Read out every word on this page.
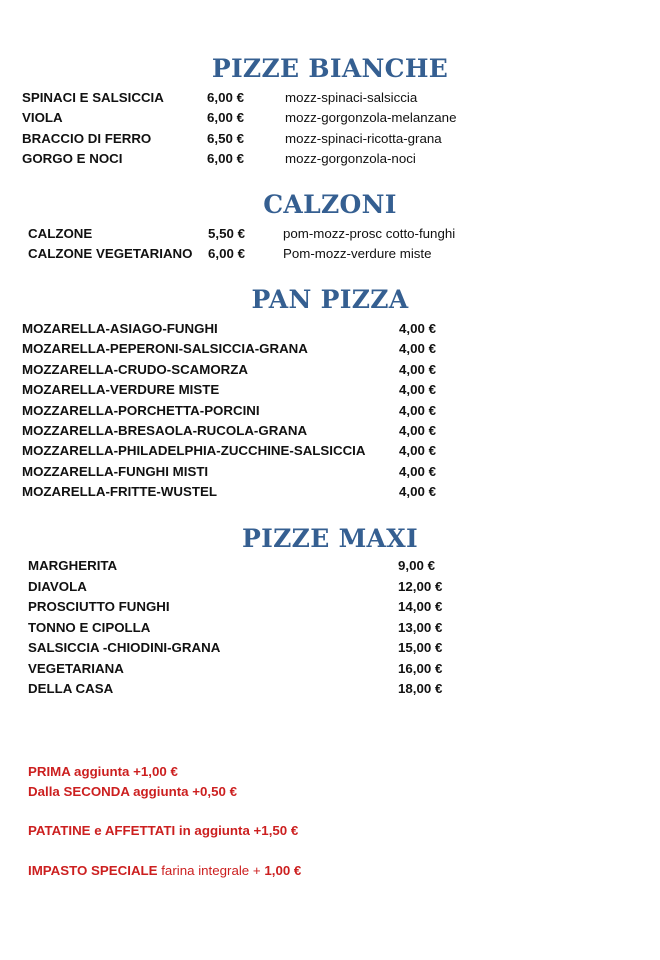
PIZZE BIANCHE
CALZONI
PAN PIZZA
PIZZE MAXI
SPINACI E SALSICCIA	6,00 €	mozz-spinaci-salsiccia
VIOLA	6,00 €	mozz-gorgonzola-melanzane
BRACCIO DI FERRO	6,50 €	mozz-spinaci-ricotta-grana
GORGO E NOCI	6,00 €	mozz-gorgonzola-noci
CALZONE	5,50 €	pom-mozz-prosc cotto-funghi
CALZONE VEGETARIANO 6,00 €	Pom-mozz-verdure miste
MOZARELLA-ASIAGO-FUNGHI	4,00 €
MOZARELLA-PEPERONI-SALSICCIA-GRANA	4,00 €
MOZZARELLA-CRUDO-SCAMORZA	4,00 €
MOZARELLA-VERDURE MISTE	4,00 €
MOZZARELLA-PORCHETTA-PORCINI	4,00 €
MOZZARELLA-BRESAOLA-RUCOLA-GRANA	4,00 €
MOZZARELLA-PHILADELPHIA-ZUCCHINE-SALSICCIA	4,00 €
MOZZARELLA-FUNGHI MISTI	4,00 €
MOZARELLA-FRITTE-WUSTEL	4,00 €
MARGHERITA	9,00 €
DIAVOLA	12,00 €
PROSCIUTTO FUNGHI	14,00 €
TONNO E CIPOLLA	13,00 €
SALSICCIA -CHIODINI-GRANA	15,00 €
VEGETARIANA	16,00 €
DELLA CASA	18,00 €
PRIMA aggiunta +1,00 €
Dalla SECONDA aggiunta +0,50 €
PATATINE e AFFETTATI in aggiunta +1,50 €
IMPASTO SPECIALE farina integrale + 1,00 €
